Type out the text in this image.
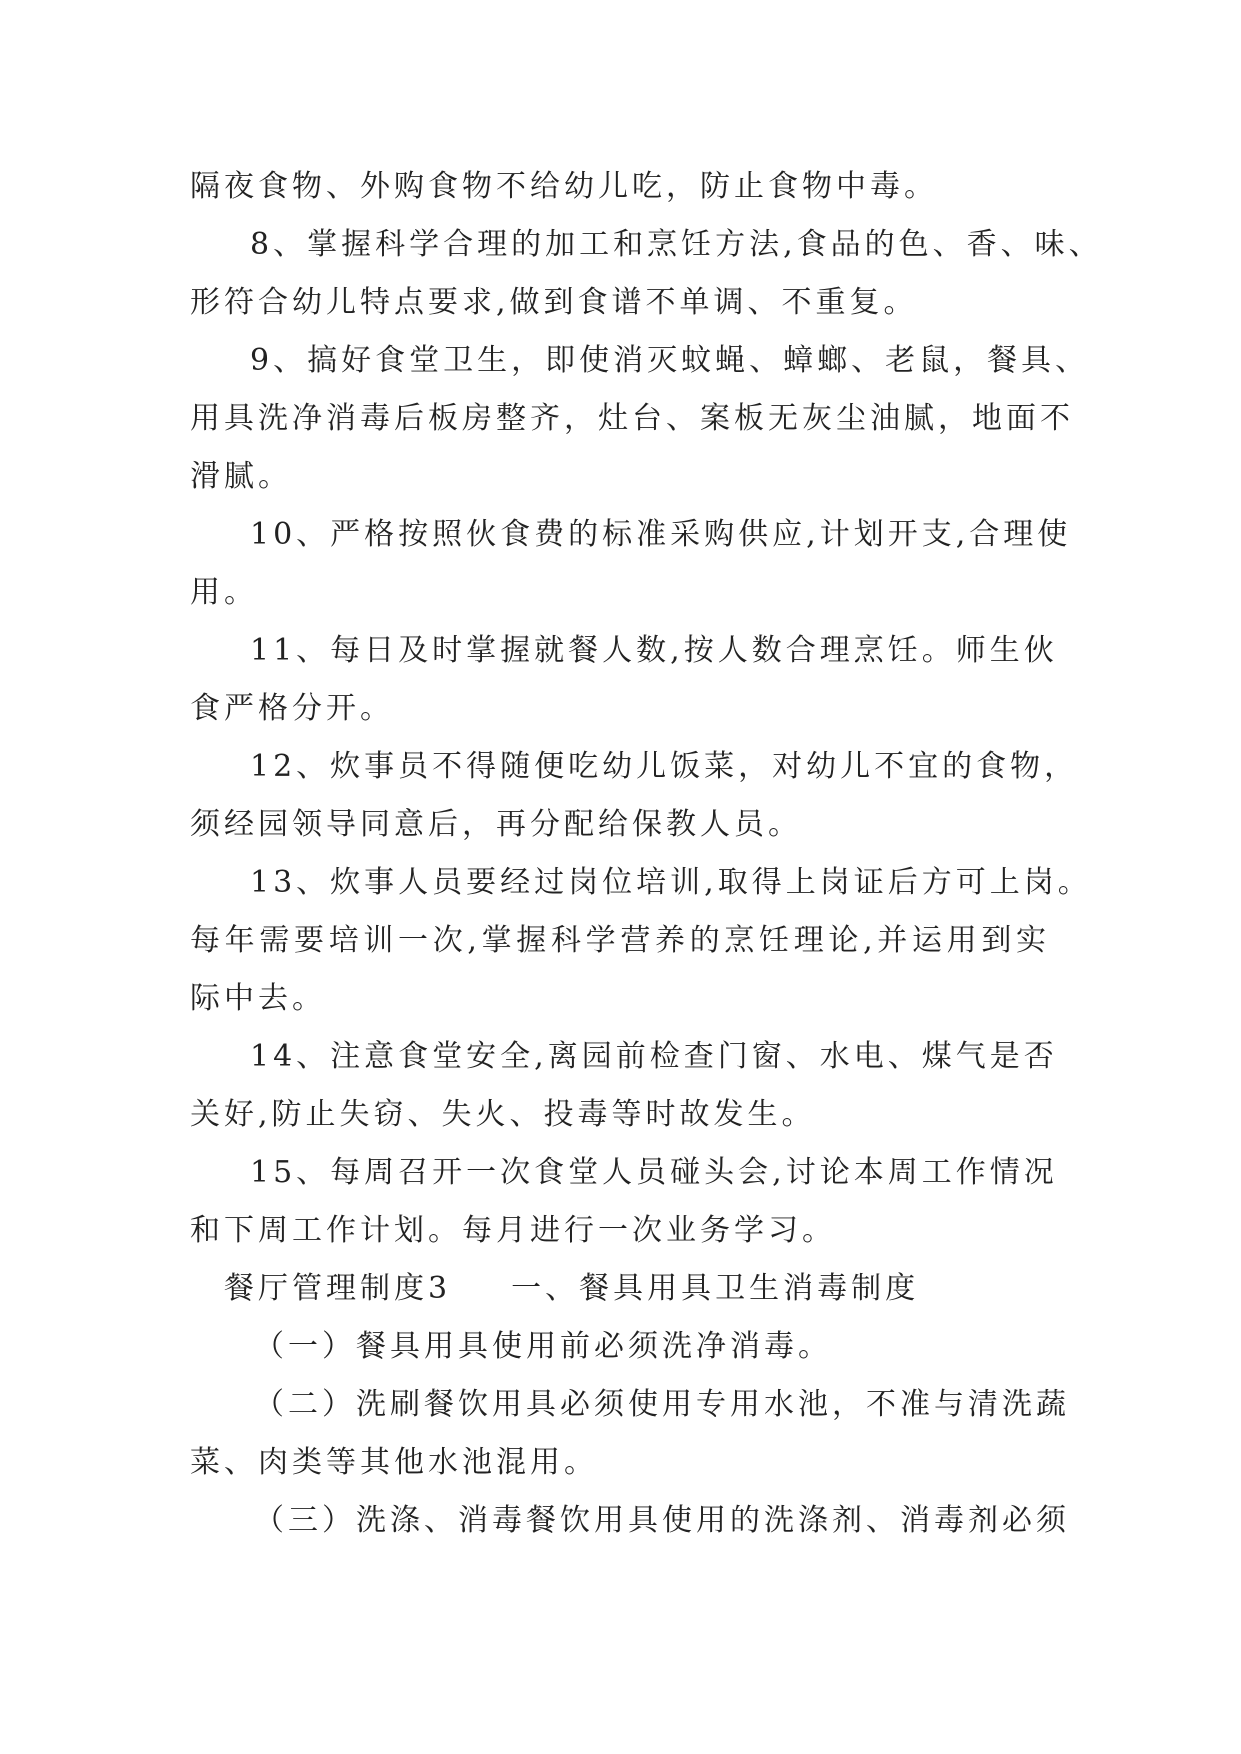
隔夜食物、外购食物不给幼儿吃，防止食物中毒。
8、掌握科学合理的加工和烹饪方法,食品的色、香、味、
形符合幼儿特点要求,做到食谱不单调、不重复。
9、搞好食堂卫生，即使消灭蚊蝇、蟑螂、老鼠，餐具、
用具洗净消毒后板房整齐，灶台、案板无灰尘油腻，地面不
滑腻。
10、严格按照伙食费的标准采购供应,计划开支,合理使
用。
11、每日及时掌握就餐人数,按人数合理烹饪。师生伙
食严格分开。
12、炊事员不得随便吃幼儿饭菜，对幼儿不宜的食物，
须经园领导同意后，再分配给保教人员。
13、炊事人员要经过岗位培训,取得上岗证后方可上岗。
每年需要培训一次,掌握科学营养的烹饪理论,并运用到实
际中去。
14、注意食堂安全,离园前检查门窗、水电、煤气是否
关好,防止失窃、失火、投毒等时故发生。
15、每周召开一次食堂人员碰头会,讨论本周工作情况
和下周工作计划。每月进行一次业务学习。
餐厅管理制度3 一、餐具用具卫生消毒制度
（一）餐具用具使用前必须洗净消毒。
（二）洗刷餐饮用具必须使用专用水池，不准与清洗蔬
菜、肉类等其他水池混用。
（三）洗涤、消毒餐饮用具使用的洗涤剂、消毒剂必须
